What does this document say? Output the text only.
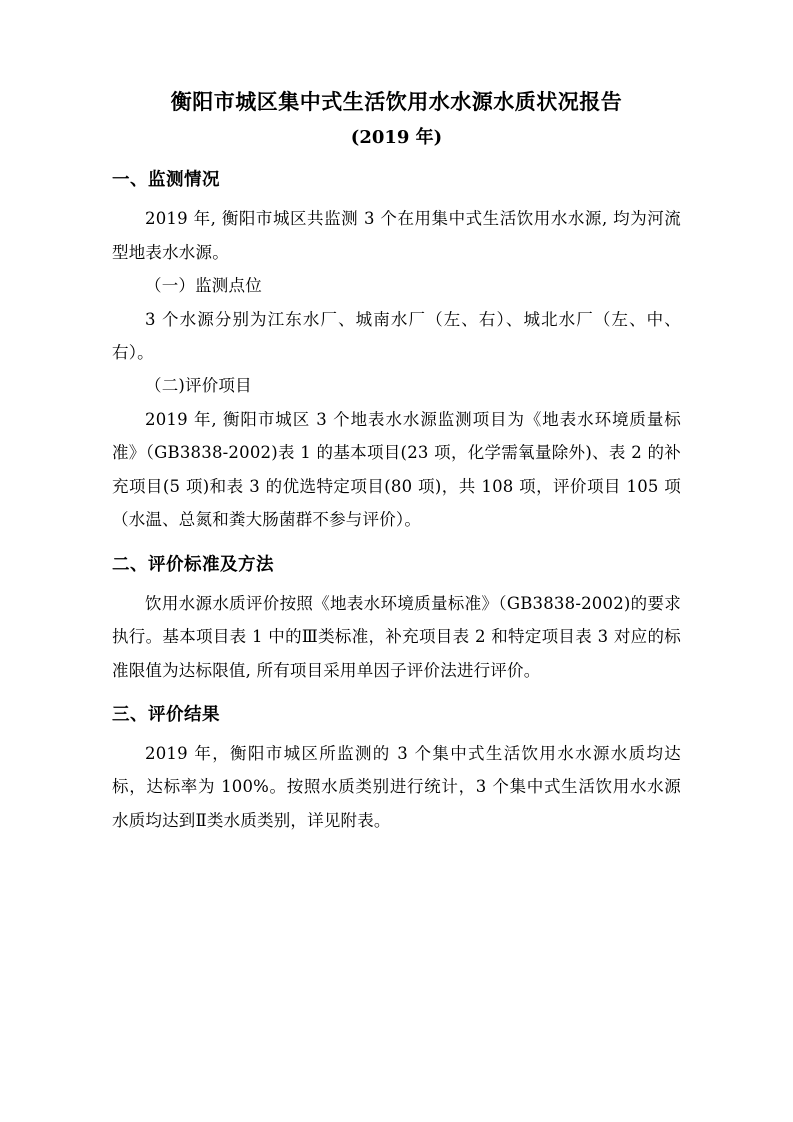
衡阳市城区集中式生活饮用水水源水质状况报告
(2019 年)
一、监测情况

2019 年, 衡阳市城区共监测 3 个在用集中式生活饮用水水源, 均为河流型地表水水源。

（一）监测点位

3 个水源分别为江东水厂、城南水厂（左、右）、城北水厂（左、中、右）。

（二)评价项目

2019 年, 衡阳市城区 3 个地表水水源监测项目为《地表水环境质量标准》（GB3838-2002)表 1 的基本项目(23 项，化学需氧量除外)、表 2 的补充项目(5 项)和表 3 的优选特定项目(80 项)，共 108 项，评价项目 105 项（水温、总氮和粪大肠菌群不参与评价）。

二、评价标准及方法

饮用水源水质评价按照《地表水环境质量标准》（GB3838-2002)的要求执行。基本项目表 1 中的Ⅲ类标准，补充项目表 2 和特定项目表 3 对应的标准限值为达标限值, 所有项目采用单因子评价法进行评价。

三、评价结果

2019 年，衡阳市城区所监测的 3 个集中式生活饮用水水源水质均达标，达标率为 100%。按照水质类别进行统计，3 个集中式生活饮用水水源水质均达到Ⅱ类水质类别，详见附表。
